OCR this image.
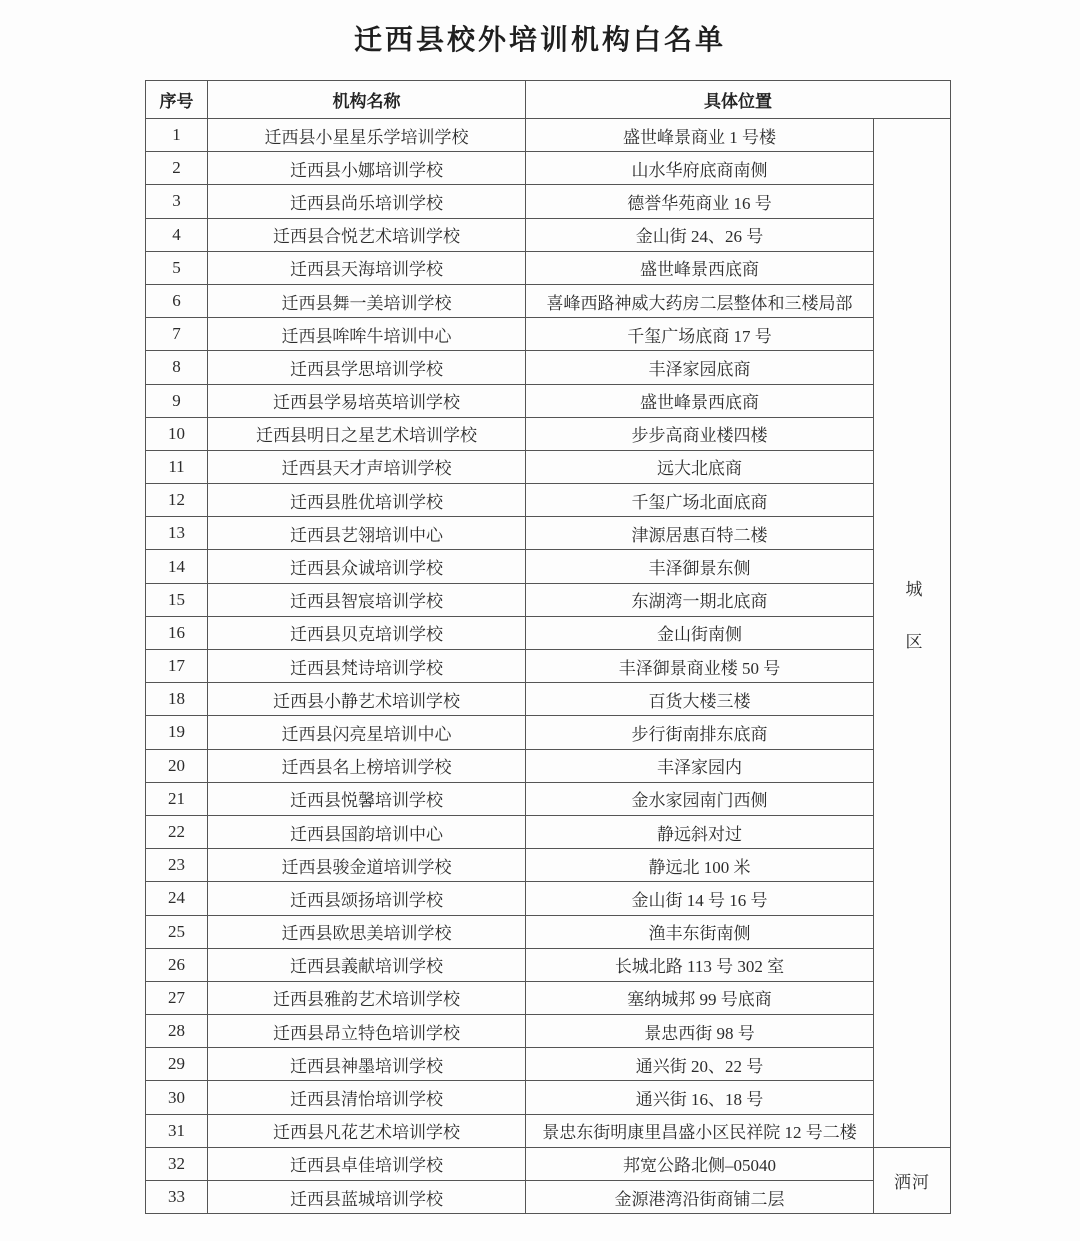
迁西县校外培训机构白名单
序号	机构名称	具体位置	
1	迁西县小星星乐学培训学校	盛世峰景商业 1 号楼	城区
2	迁西县小娜培训学校	山水华府底商南侧	
3	迁西县尚乐培训学校	德誉华苑商业 16 号	
4	迁西县合悦艺术培训学校	金山街 24、26 号	
5	迁西县天海培训学校	盛世峰景西底商	
6	迁西县舞一美培训学校	喜峰西路神威大药房二层整体和三楼局部	
7	迁西县哞哞牛培训中心	千玺广场底商 17 号	
8	迁西县学思培训学校	丰泽家园底商	
9	迁西县学易培英培训学校	盛世峰景西底商	
10	迁西县明日之星艺术培训学校	步步高商业楼四楼	
11	迁西县天才声培训学校	远大北底商	
12	迁西县胜优培训学校	千玺广场北面底商	
13	迁西县艺翎培训中心	津源居惠百特二楼	
14	迁西县众诚培训学校	丰泽御景东侧	
15	迁西县智宸培训学校	东湖湾一期北底商	
16	迁西县贝克培训学校	金山街南侧	
17	迁西县梵诗培训学校	丰泽御景商业楼 50 号	
18	迁西县小静艺术培训学校	百货大楼三楼	
19	迁西县闪亮星培训中心	步行街南排东底商	
20	迁西县名上榜培训学校	丰泽家园内	
21	迁西县悦馨培训学校	金水家园南门西侧	
22	迁西县国韵培训中心	静远斜对过	
23	迁西县骏金道培训学校	静远北 100 米	
24	迁西县颂扬培训学校	金山街 14 号 16 号	
25	迁西县欧思美培训学校	渔丰东街南侧	
26	迁西县義献培训学校	长城北路 113 号 302 室	
27	迁西县雅韵艺术培训学校	塞纳城邦 99 号底商	
28	迁西县昂立特色培训学校	景忠西街 98 号	
29	迁西县神墨培训学校	通兴街 20、22 号	
30	迁西县清怡培训学校	通兴街 16、18 号	
31	迁西县凡花艺术培训学校	景忠东街明康里昌盛小区民祥院 12 号二楼	
32	迁西县卓佳培训学校	邦宽公路北侧–05040	洒河
33	迁西县蓝城培训学校	金源港湾沿街商铺二层	
